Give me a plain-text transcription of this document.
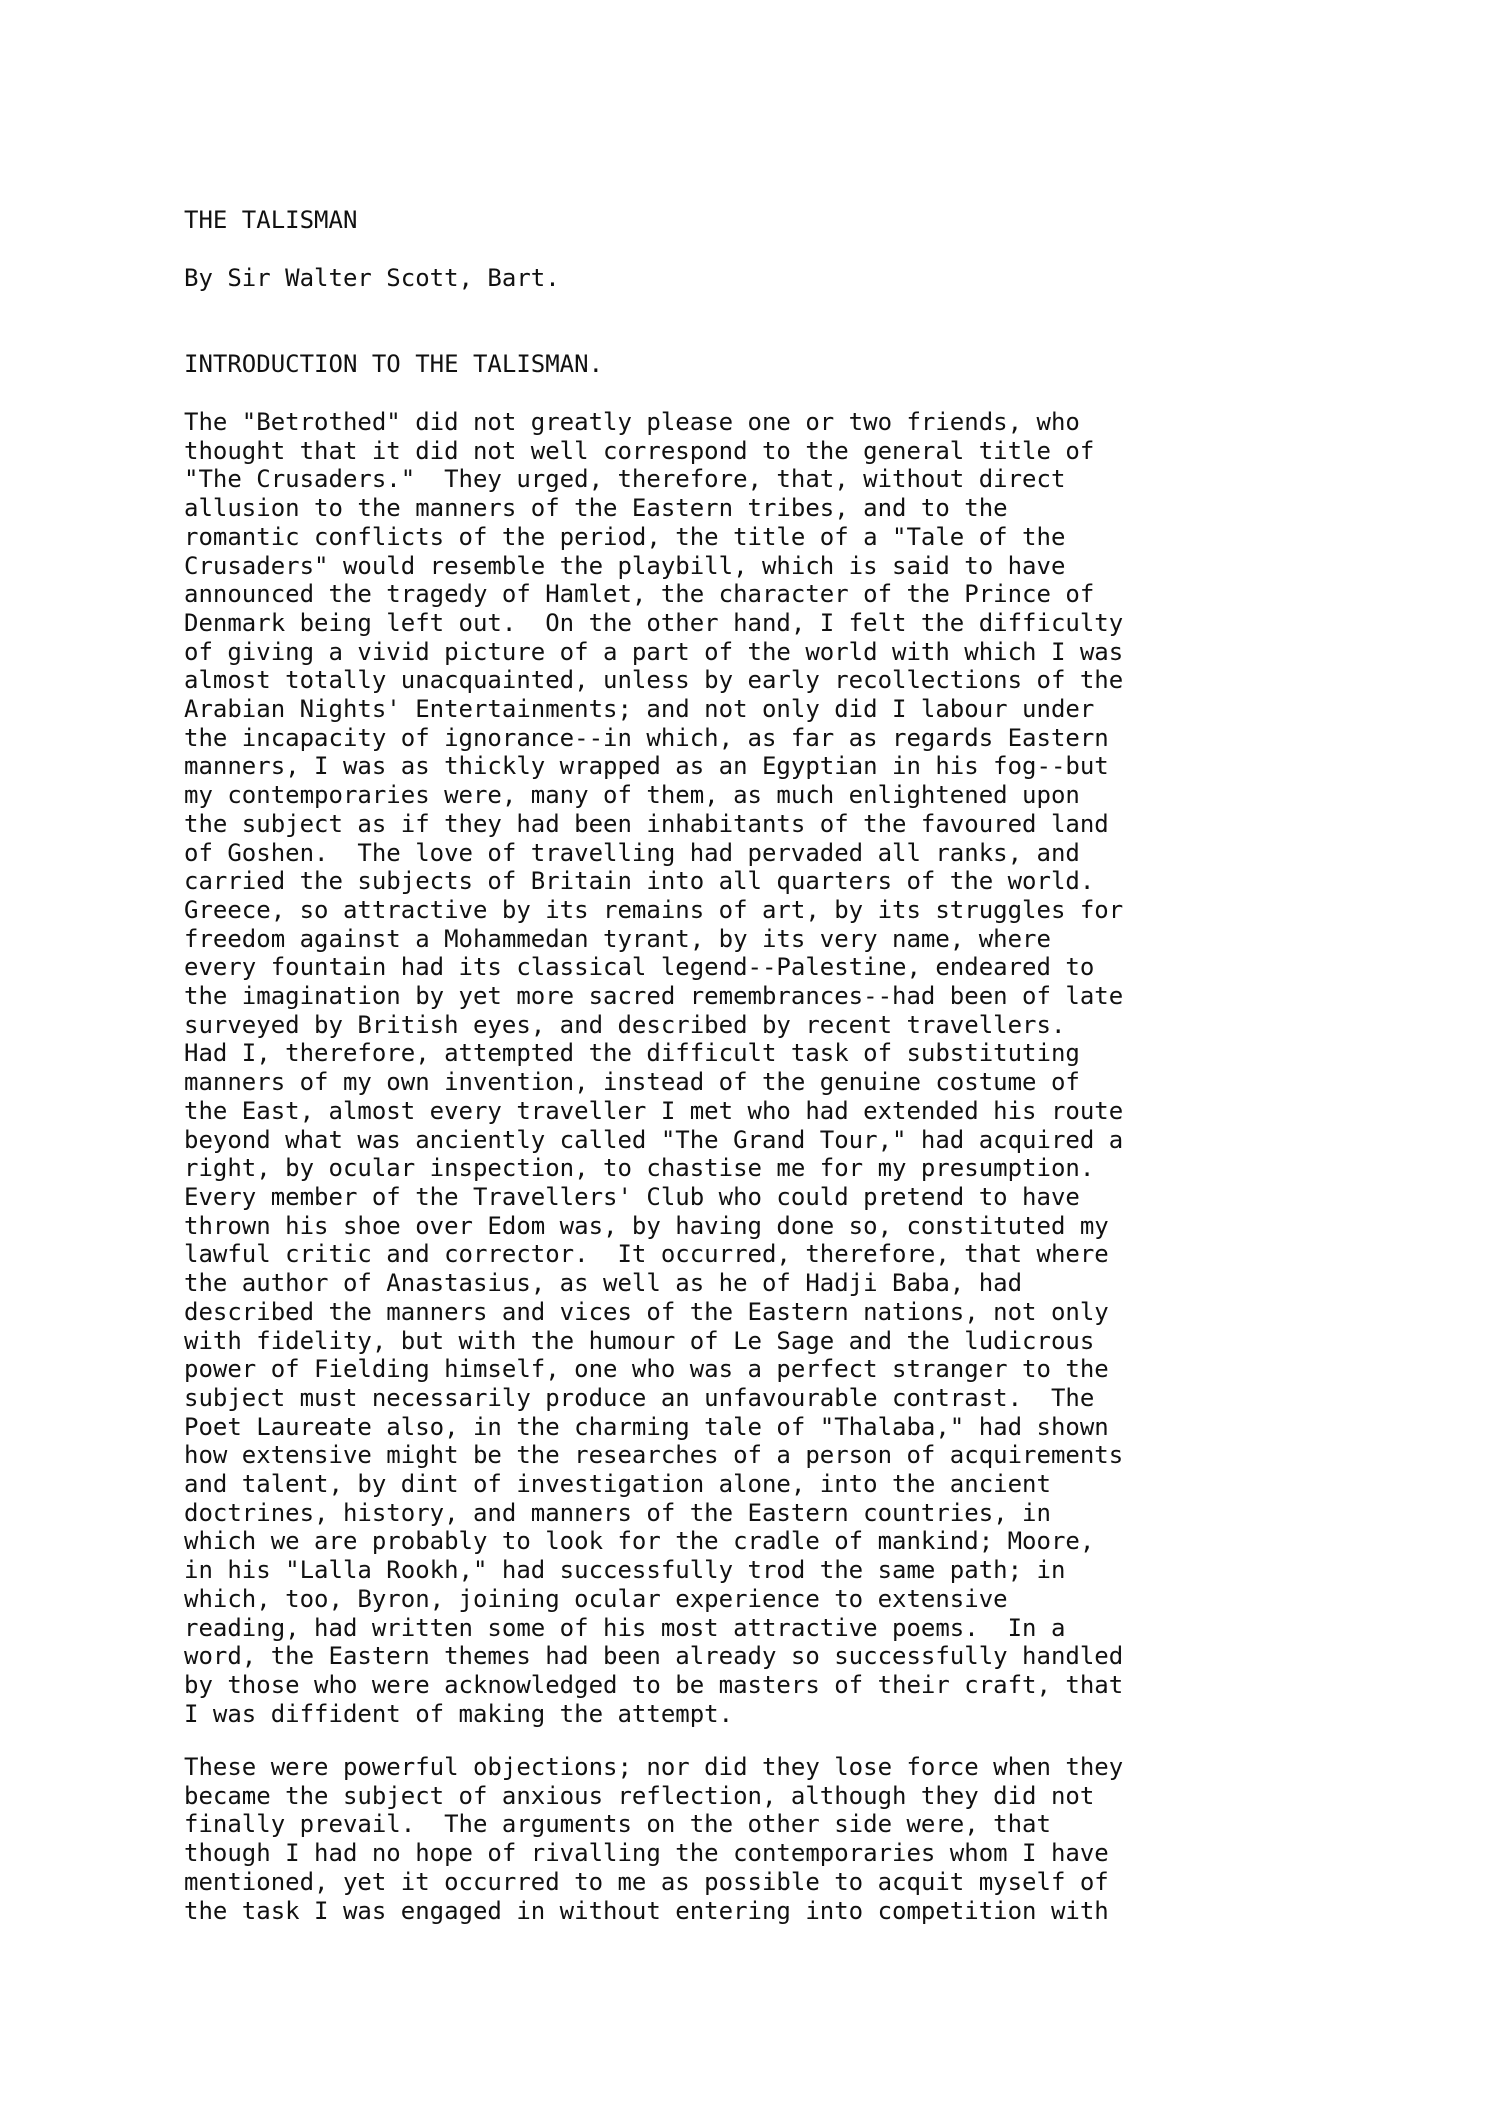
THE TALISMAN

By Sir Walter Scott, Bart.

INTRODUCTION TO THE TALISMAN.

The "Betrothed" did not greatly please one or two friends, who
thought that it did not well correspond to the general title of
"The Crusaders."  They urged, therefore, that, without direct
allusion to the manners of the Eastern tribes, and to the
romantic conflicts of the period, the title of a "Tale of the
Crusaders" would resemble the playbill, which is said to have
announced the tragedy of Hamlet, the character of the Prince of
Denmark being left out.  On the other hand, I felt the difficulty
of giving a vivid picture of a part of the world with which I was
almost totally unacquainted, unless by early recollections of the
Arabian Nights' Entertainments; and not only did I labour under
the incapacity of ignorance--in which, as far as regards Eastern
manners, I was as thickly wrapped as an Egyptian in his fog--but
my contemporaries were, many of them, as much enlightened upon
the subject as if they had been inhabitants of the favoured land
of Goshen.  The love of travelling had pervaded all ranks, and
carried the subjects of Britain into all quarters of the world.
Greece, so attractive by its remains of art, by its struggles for
freedom against a Mohammedan tyrant, by its very name, where
every fountain had its classical legend--Palestine, endeared to
the imagination by yet more sacred remembrances--had been of late
surveyed by British eyes, and described by recent travellers.
Had I, therefore, attempted the difficult task of substituting
manners of my own invention, instead of the genuine costume of
the East, almost every traveller I met who had extended his route
beyond what was anciently called "The Grand Tour," had acquired a
right, by ocular inspection, to chastise me for my presumption.
Every member of the Travellers' Club who could pretend to have
thrown his shoe over Edom was, by having done so, constituted my
lawful critic and corrector.  It occurred, therefore, that where
the author of Anastasius, as well as he of Hadji Baba, had
described the manners and vices of the Eastern nations, not only
with fidelity, but with the humour of Le Sage and the ludicrous
power of Fielding himself, one who was a perfect stranger to the
subject must necessarily produce an unfavourable contrast.  The
Poet Laureate also, in the charming tale of "Thalaba," had shown
how extensive might be the researches of a person of acquirements
and talent, by dint of investigation alone, into the ancient
doctrines, history, and manners of the Eastern countries, in
which we are probably to look for the cradle of mankind; Moore,
in his "Lalla Rookh," had successfully trod the same path; in
which, too, Byron, joining ocular experience to extensive
reading, had written some of his most attractive poems.  In a
word, the Eastern themes had been already so successfully handled
by those who were acknowledged to be masters of their craft, that
I was diffident of making the attempt.

These were powerful objections; nor did they lose force when they
became the subject of anxious reflection, although they did not
finally prevail.  The arguments on the other side were, that
though I had no hope of rivalling the contemporaries whom I have
mentioned, yet it occurred to me as possible to acquit myself of
the task I was engaged in without entering into competition with
